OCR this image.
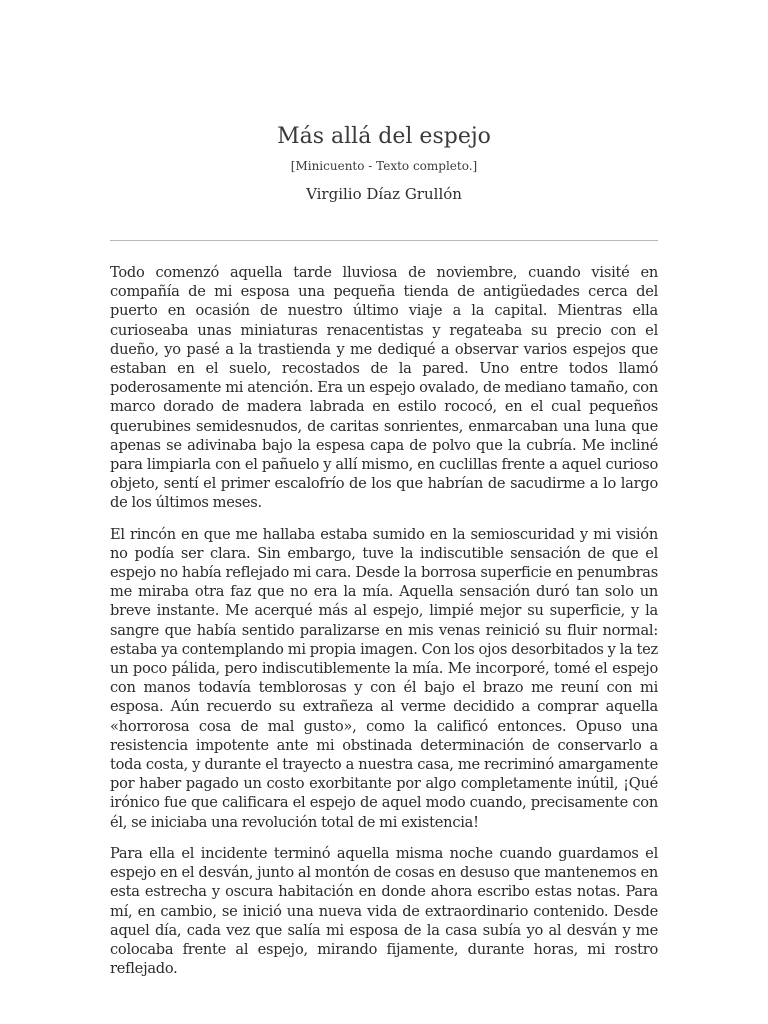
Más allá del espejo

[Minicuento - Texto completo.]

Virgilio Díaz Grullón

Todo comenzó aquella tarde lluviosa de noviembre, cuando visité en compañía de mi esposa una pequeña tienda de antigüedades cerca del puerto en ocasión de nuestro último viaje a la capital. Mientras ella curioseaba unas miniaturas renacentistas y regateaba su precio con el dueño, yo pasé a la trastienda y me dediqué a observar varios espejos que estaban en el suelo, recostados de la pared. Uno entre todos llamó poderosamente mi atención. Era un espejo ovalado, de mediano tamaño, con marco dorado de madera labrada en estilo rococó, en el cual pequeños querubines semidesnudos, de caritas sonrientes, enmarcaban una luna que apenas se adivinaba bajo la espesa capa de polvo que la cubría. Me incliné para limpiarla con el pañuelo y allí mismo, en cuclillas frente a aquel curioso objeto, sentí el primer escalofrío de los que habrían de sacudirme a lo largo de los últimos meses.

El rincón en que me hallaba estaba sumido en la semioscuridad y mi visión no podía ser clara. Sin embargo, tuve la indiscutible sensación de que el espejo no había reflejado mi cara. Desde la borrosa superficie en penumbras me miraba otra faz que no era la mía. Aquella sensación duró tan solo un breve instante. Me acerqué más al espejo, limpié mejor su superficie, y la sangre que había sentido paralizarse en mis venas reinició su fluir normal: estaba ya contemplando mi propia imagen. Con los ojos desorbitados y la tez un poco pálida, pero indiscutiblemente la mía. Me incorporé, tomé el espejo con manos todavía temblorosas y con él bajo el brazo me reuní con mi esposa. Aún recuerdo su extrañeza al verme decidido a comprar aquella «horrorosa cosa de mal gusto», como la calificó entonces. Opuso una resistencia impotente ante mi obstinada determinación de conservarlo a toda costa, y durante el trayecto a nuestra casa, me recriminó amargamente por haber pagado un costo exorbitante por algo completamente inútil, ¡Qué irónico fue que calificara el espejo de aquel modo cuando, precisamente con él, se iniciaba una revolución total de mi existencia!

Para ella el incidente terminó aquella misma noche cuando guardamos el espejo en el desván, junto al montón de cosas en desuso que mantenemos en esta estrecha y oscura habitación en donde ahora escribo estas notas. Para mí, en cambio, se inició una nueva vida de extraordinario contenido. Desde aquel día, cada vez que salía mi esposa de la casa subía yo al desván y me colocaba frente al espejo, mirando fijamente, durante horas, mi rostro reflejado.
